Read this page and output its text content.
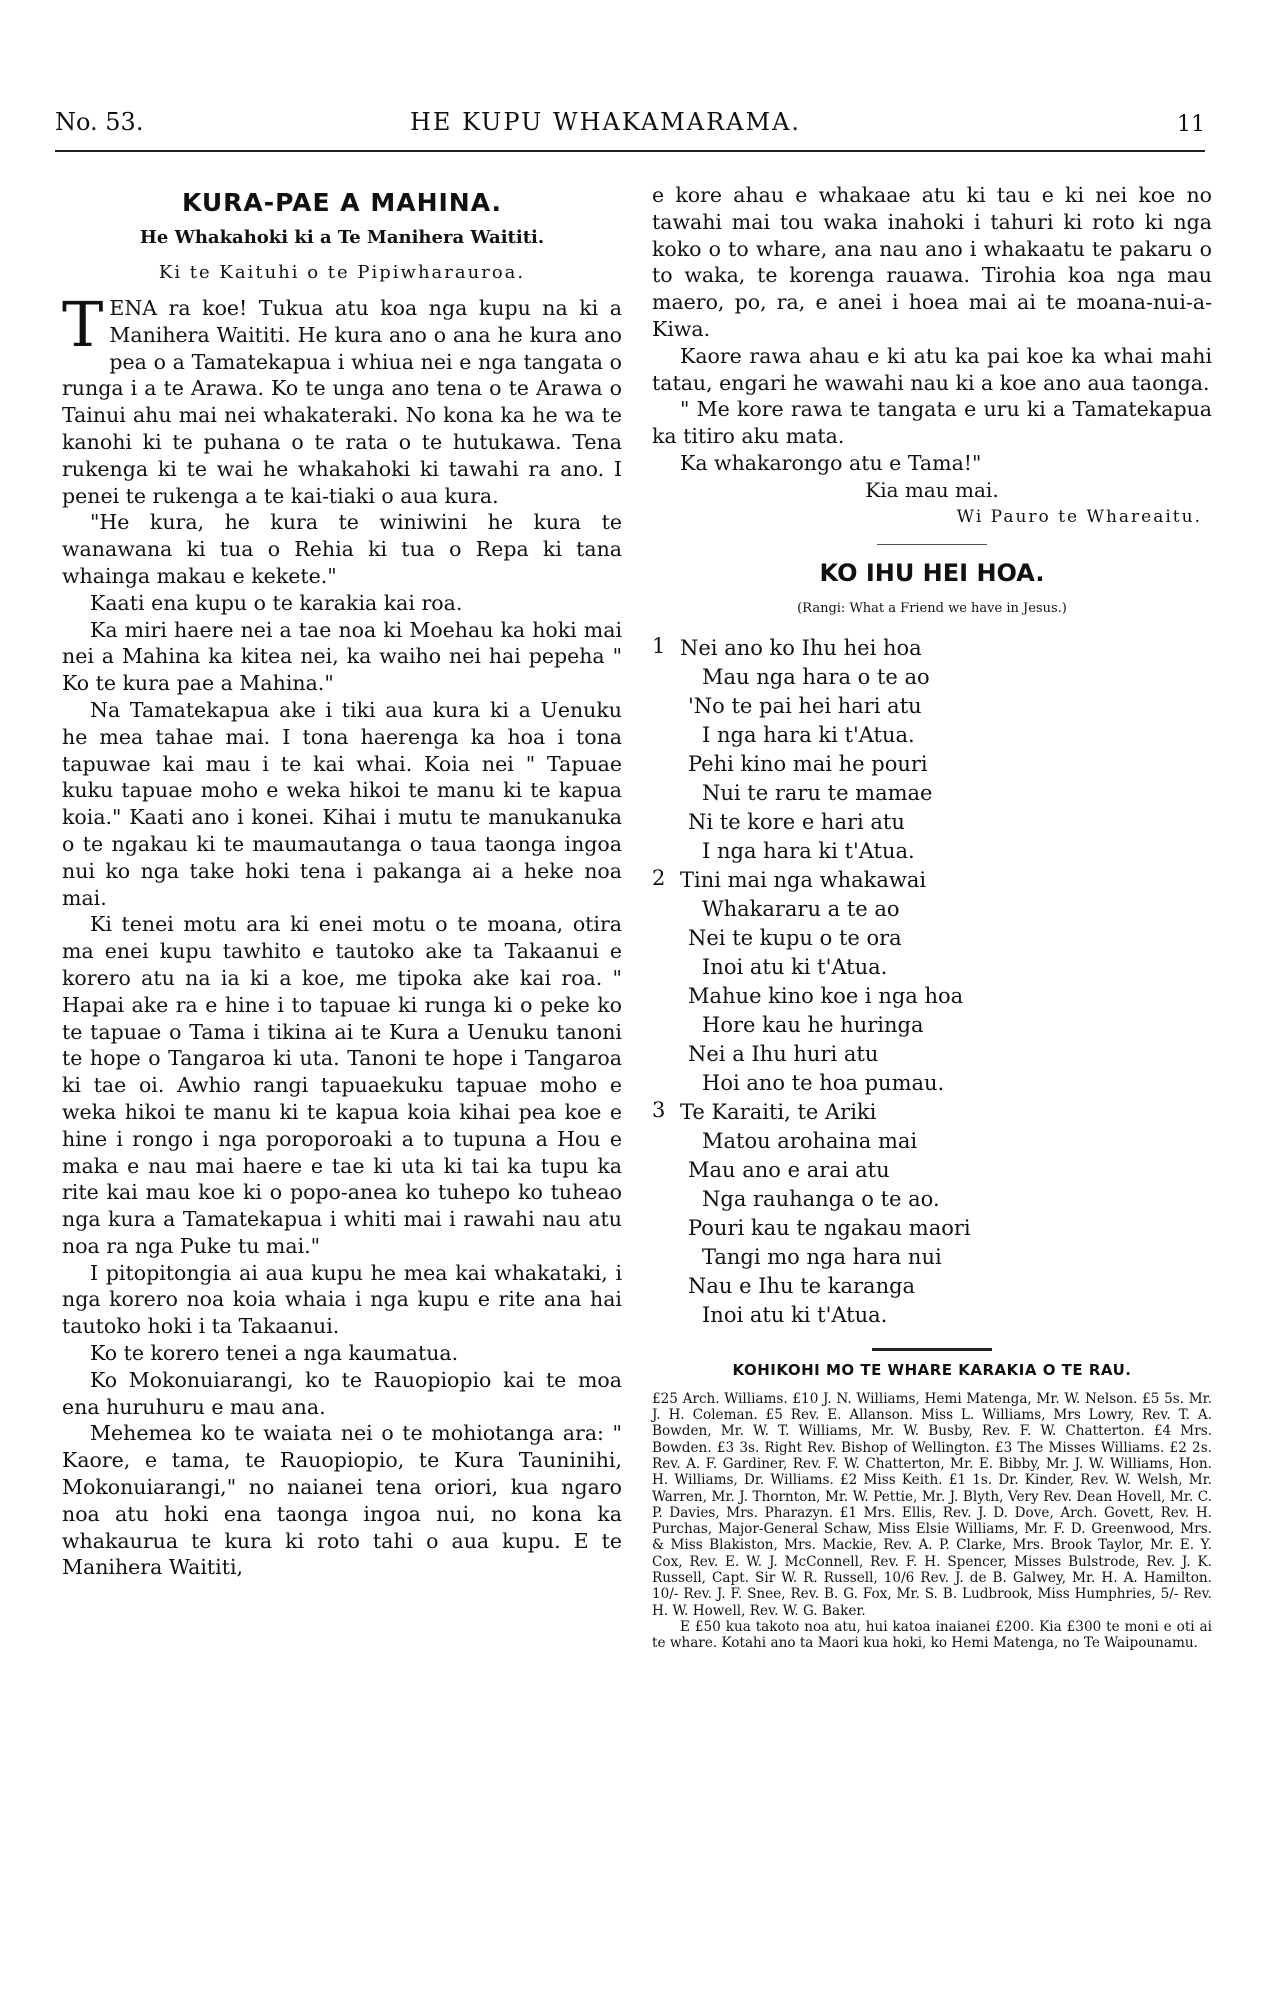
No. 53.	HE KUPU WHAKAMARAMA.	11
KURA-PAE A MAHINA.
He Whakahoki ki a Te Manihera Waititi.
Ki te Kaituhi o te Pipiwharauroa.

TENA ra koe! Tukua atu koa nga kupu na ki a Manihera Waititi. He kura ano o ana he kura ano pea o a Tamatekapua i whiua nei e nga tangata o runga i a te Arawa. Ko te unga ano tena o te Arawa o Tainui ahu mai nei whakateraki. No kona ka he wa te kanohi ki te puhana o te rata o te hutukawa. Tena rukenga ki te wai he whakahoki ki tawahi ra ano. I penei te rukenga a te kai-tiaki o aua kura.

"He kura, he kura te winiwini he kura te wanawana ki tua o Rehia ki tua o Repa ki tana whainga makau e kekete."

Kaati ena kupu o te karakia kai roa.

Ka miri haere nei a tae noa ki Moehau ka hoki mai nei a Mahina ka kitea nei, ka waiho nei hai pepeha " Ko te kura pae a Mahina."

Na Tamatekapua ake i tiki aua kura ki a Uenuku he mea tahae mai. I tona haerenga ka hoa i tona tapuwae kai mau i te kai whai. Koia nei " Tapuae kuku tapuae moho e weka hikoi te manu ki te kapua koia." Kaati ano i konei. Kihai i mutu te manukanuka o te ngakau ki te maumautanga o taua taonga ingoa nui ko nga take hoki tena i pakanga ai a heke noa mai.

Ki tenei motu ara ki enei motu o te moana, otira ma enei kupu tawhito e tautoko ake ta Takaanui e korero atu na ia ki a koe, me tipoka ake kai roa. " Hapai ake ra e hine i to tapuae ki runga ki o peke ko te tapuae o Tama i tikina ai te Kura a Uenuku tanoni te hope o Tangaroa ki uta. Tanoni te hope i Tangaroa ki tae oi. Awhio rangi tapuaekuku tapuae moho e weka hikoi te manu ki te kapua koia kihai pea koe e hine i rongo i nga poroporoaki a to tupuna a Hou e maka e nau mai haere e tae ki uta ki tai ka tupu ka rite kai mau koe ki o popo-anea ko tuhepo ko tuheao nga kura a Tamatekapua i whiti mai i rawahi nau atu noa ra nga Puke tu mai."

I pitopitongia ai aua kupu he mea kai whakataki, i nga korero noa koia whaia i nga kupu e rite ana hai tautoko hoki i ta Takaanui.

Ko te korero tenei a nga kaumatua.

Ko Mokonuiarangi, ko te Rauopiopio kai te moa ena huruhuru e mau ana.

Mehemea ko te waiata nei o te mohiotanga ara: " Kaore, e tama, te Rauopiopio, te Kura Tauninihi, Mokonuiarangi," no naianei tena oriori, kua ngaro noa atu hoki ena taonga ingoa nui, no kona ka whakaurua te kura ki roto tahi o aua kupu. E te Manihera Waititi,

e kore ahau e whakaae atu ki tau e ki nei koe no tawahi mai tou waka inahoki i tahuri ki roto ki nga koko o to whare, ana nau ano i whakaatu te pakaru o to waka, te korenga rauawa. Tirohia koa nga mau maero, po, ra, e anei i hoea mai ai te moana-nui-a-Kiwa.

Kaore rawa ahau e ki atu ka pai koe ka whai mahi tatau, engari he wawahi nau ki a koe ano aua taonga.

" Me kore rawa te tangata e uru ki a Tamatekapua ka titiro aku mata.

Ka whakarongo atu e Tama!"

Kia mau mai.
Wi Pauro te Whareaitu.
KO IHU HEI HOA.
(Rangi: What a Friend we have in Jesus.)
1 Nei ano ko Ihu hei hoa
Mau nga hara o te ao
'No te pai hei hari atu
I nga hara ki t'Atua.
Pehi kino mai he pouri
Nui te raru te mamae
Ni te kore e hari atu
I nga hara ki t'Atua.
2 Tini mai nga whakawai
Whakararu a te ao
Nei te kupu o te ora
Inoi atu ki t'Atua.
Mahue kino koe i nga hoa
Hore kau he huringa
Nei a Ihu huri atu
Hoi ano te hoa pumau.
3 Te Karaiti, te Ariki
Matou arohaina mai
Mau ano e arai atu
Nga rauhanga o te ao.
Pouri kau te ngakau maori
Tangi mo nga hara nui
Nau e Ihu te karanga
Inoi atu ki t'Atua.
KOHIKOHI MO TE WHARE KARAKIA O TE RAU.

£25 Arch. Williams. £10 J. N. Williams, Hemi Matenga, Mr. W. Nelson. £5 5s. Mr. J. H. Coleman. £5 Rev. E. Allanson. Miss L. Williams, Mrs Lowry, Rev. T. A. Bowden, Mr. W. T. Williams, Mr. W. Busby, Rev. F. W. Chatterton. £4 Mrs. Bowden. £3 3s. Right Rev. Bishop of Wellington. £3 The Misses Williams. £2 2s. Rev. A. F. Gardiner, Rev. F. W. Chatterton, Mr. E. Bibby, Mr. J. W. Williams, Hon. H. Williams, Dr. Williams. £2 Miss Keith. £1 1s. Dr. Kinder, Rev. W. Welsh, Mr. Warren, Mr. J. Thornton, Mr. W. Pettie, Mr. J. Blyth, Very Rev. Dean Hovell, Mr. C. P. Davies, Mrs. Pharazyn. £1 Mrs. Ellis, Rev. J. D. Dove, Arch. Govett, Rev. H. Purchas, Major-General Schaw, Miss Elsie Williams, Mr. F. D. Greenwood, Mrs. & Miss Blakiston, Mrs. Mackie, Rev. A. P. Clarke, Mrs. Brook Taylor, Mr. E. Y. Cox, Rev. E. W. J. McConnell, Rev. F. H. Spencer, Misses Bulstrode, Rev. J. K. Russell, Capt. Sir W. R. Russell, 10/6 Rev. J. de B. Galwey, Mr. H. A. Hamilton. 10/- Rev. J. F. Snee, Rev. B. G. Fox, Mr. S. B. Ludbrook, Miss Humphries, 5/- Rev. H. W. Howell, Rev. W. G. Baker.

E £50 kua takoto noa atu, hui katoa inaianei £200. Kia £300 te moni e oti ai te whare. Kotahi ano ta Maori kua hoki, ko Hemi Matenga, no Te Waipounamu.
